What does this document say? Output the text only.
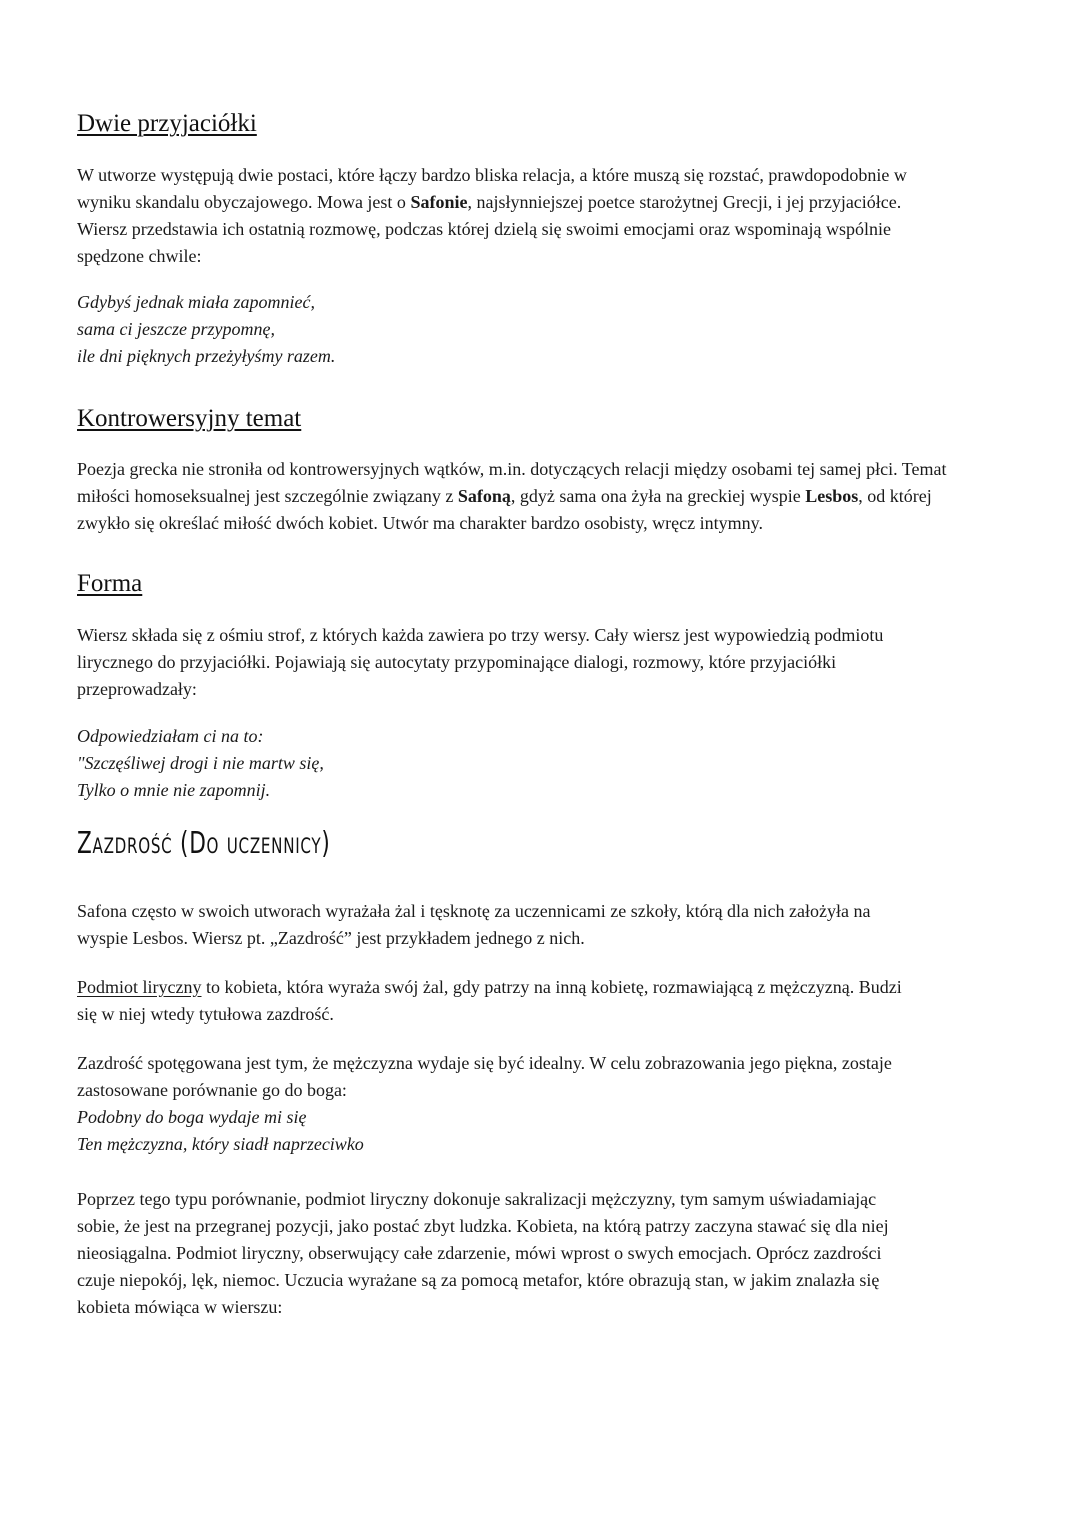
Dwie przyjaciółki
W utworze występują dwie postaci, które łączy bardzo bliska relacja, a które muszą się rozstać, prawdopodobnie w
wyniku skandalu obyczajowego. Mowa jest o Safonie, najsłynniejszej poetce starożytnej Grecji, i jej przyjaciółce.
Wiersz przedstawia ich ostatnią rozmowę, podczas której dzielą się swoimi emocjami oraz wspominają wspólnie
spędzone chwile:
Gdybyś jednak miała zapomnieć,
sama ci jeszcze przypomnę,
ile dni pięknych przeżyłyśmy razem.
Kontrowersyjny temat
Poezja grecka nie stroniła od kontrowersyjnych wątków, m.in. dotyczących relacji między osobami tej samej płci. Temat
miłości homoseksualnej jest szczególnie związany z Safoną, gdyż sama ona żyła na greckiej wyspie Lesbos, od której
zwykło się określać miłość dwóch kobiet. Utwór ma charakter bardzo osobisty, wręcz intymny.
Forma
Wiersz składa się z ośmiu strof, z których każda zawiera po trzy wersy. Cały wiersz jest wypowiedzią podmiotu
lirycznego do przyjaciółki. Pojawiają się autocytaty przypominające dialogi, rozmowy, które przyjaciółki
przeprowadzały:
Odpowiedziałam ci na to:
"Szczęśliwej drogi i nie martw się,
Tylko o mnie nie zapomnij.
Zazdrość (Do uczennicy)
Safona często w swoich utworach wyrażała żal i tęsknotę za uczennicami ze szkoły, którą dla nich założyła na
wyspie Lesbos. Wiersz pt. „Zazdrość” jest przykładem jednego z nich.
Podmiot liryczny to kobieta, która wyraża swój żal, gdy patrzy na inną kobietę, rozmawiającą z mężczyzną. Budzi
się w niej wtedy tytułowa zazdrość.
Zazdrość spotęgowana jest tym, że mężczyzna wydaje się być idealny. W celu zobrazowania jego piękna, zostaje
zastosowane porównanie go do boga:
Podobny do boga wydaje mi się
Ten mężczyzna, który siadł naprzeciwko
Poprzez tego typu porównanie, podmiot liryczny dokonuje sakralizacji mężczyzny, tym samym uświadamiając
sobie, że jest na przegranej pozycji, jako postać zbyt ludzka. Kobieta, na którą patrzy zaczyna stawać się dla niej
nieosiągalna. Podmiot liryczny, obserwujący całe zdarzenie, mówi wprost o swych emocjach. Oprócz zazdrości
czuje niepokój, lęk, niemoc. Uczucia wyrażane są za pomocą metafor, które obrazują stan, w jakim znalazła się
kobieta mówiąca w wierszu:
